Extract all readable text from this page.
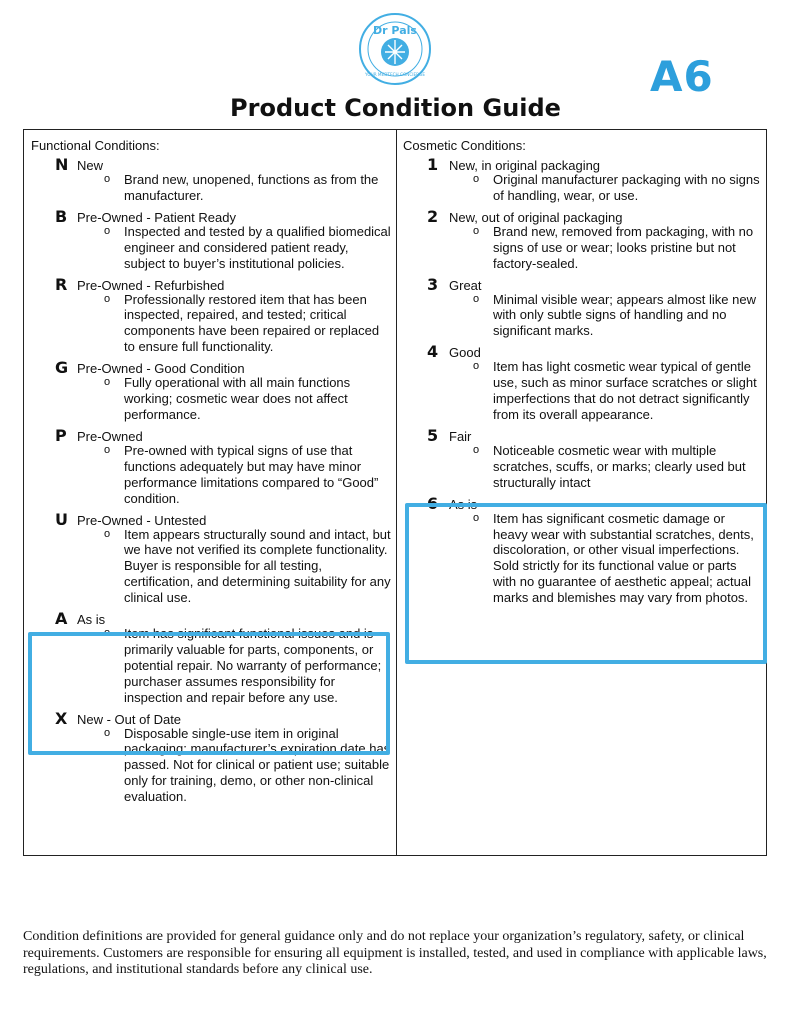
Dr Pals
YOUR MEDTECH CONCIERGE	A6
Product Condition Guide
Functional Conditions:
N New
o Brand new, unopened, functions as from the manufacturer.
B Pre-Owned - Patient Ready
o Inspected and tested by a qualified biomedical engineer and considered patient ready, subject to buyer’s institutional policies.
R Pre-Owned - Refurbished
o Professionally restored item that has been inspected, repaired, and tested; critical components have been repaired or replaced to ensure full functionality.
G Pre-Owned - Good Condition
o Fully operational with all main functions working; cosmetic wear does not affect performance.
P Pre-Owned
o Pre-owned with typical signs of use that functions adequately but may have minor performance limitations compared to “Good” condition.
U Pre-Owned - Untested
o Item appears structurally sound and intact, but we have not verified its complete functionality. Buyer is responsible for all testing, certification, and determining suitability for any clinical use.
A As is
o Item has significant functional issues and is primarily valuable for parts, components, or potential repair. No warranty of performance; purchaser assumes responsibility for inspection and repair before any use.
X New - Out of Date
o Disposable single-use item in original packaging; manufacturer’s expiration date has passed. Not for clinical or patient use; suitable only for training, demo, or other non-clinical evaluation.
Cosmetic Conditions:
1 New, in original packaging
o Original manufacturer packaging with no signs of handling, wear, or use.
2 New, out of original packaging
o Brand new, removed from packaging, with no signs of use or wear; looks pristine but not factory-sealed.
3 Great
o Minimal visible wear; appears almost like new with only subtle signs of handling and no significant marks.
4 Good
o Item has light cosmetic wear typical of gentle use, such as minor surface scratches or slight imperfections that do not detract significantly from its overall appearance.
5 Fair
o Noticeable cosmetic wear with multiple scratches, scuffs, or marks; clearly used but structurally intact
6 As is
o Item has significant cosmetic damage or heavy wear with substantial scratches, dents, discoloration, or other visual imperfections. Sold strictly for its functional value or parts with no guarantee of aesthetic appeal; actual marks and blemishes may vary from photos.
Condition definitions are provided for general guidance only and do not replace your organization’s regulatory, safety, or clinical requirements. Customers are responsible for ensuring all equipment is installed, tested, and used in compliance with applicable laws, regulations, and institutional standards before any clinical use.
